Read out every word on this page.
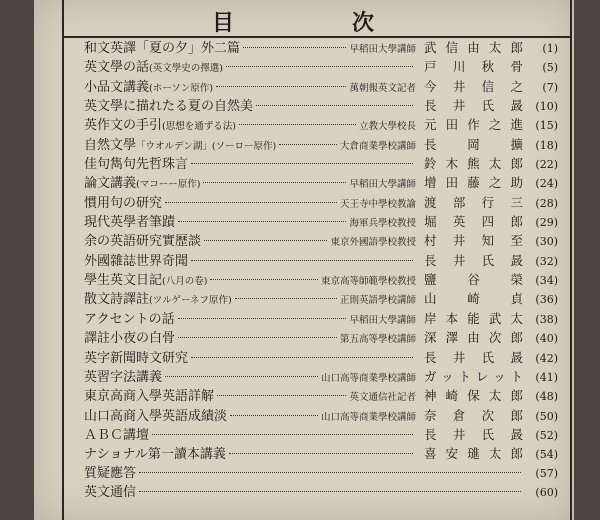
目　次
和文英譯「夏の夕」外二篇	早稻田大學講師 武信由太郎	(1)
英文學の話(英文學史の擇選)	戸川秋骨	(5)
小品文講義(ホーソン原作)	萬朝報英文記者 今井信之	(7)
英文學に描れたる夏の自然美	長井氏晸	(10)
英作文の手引(思想を通ずる法)	立教大學校長 元田作之進	(15)
自然文學「ウオルデン湖」(ソーロー原作)	大倉商業學校講師 長岡擴	(18)
佳句雋句先哲珠言	鈴木熊太郎	(22)
論文講義(マコーー原作)	早稻田大學講師 增田藤之助	(24)
慣用句の研究	天王寺中學校教諭 渡部行三	(28)
現代英學者筆蹟	海軍兵學校教授 堀英四郎	(29)
余の英語研究實歷談	東京外國語學校教授 村井知至	(30)
外國雜誌世界奇聞	長井氏晸	(32)
學生英文日記(八月の卷)	東京高等師範學校教授 鹽谷榮	(34)
散文詩譯註(ツルゲーネフ原作)	正則英語學校講師 山崎貞	(36)
アクセントの話	早稻田大學講師 岸本能武太	(38)
譯註小夜の白骨	第五高等學校講師 深澤由次郎	(40)
英字新聞時文研究	長井氏晸	(42)
英習字法講義	山口高等商業學校講師 ガットレット	(41)
東京高商入學英語詳解	英文通信社記者 神崎保太郎	(48)
山口高商入學英語成績淡	山口高等商業學校講師 奈倉次郎	(50)
ＡＢＣ講壇	長井氏晸	(52)
ナショナル第一讀本講義	喜安璡太郎	(54)
質疑應答	(57)
英文通信	(60)
